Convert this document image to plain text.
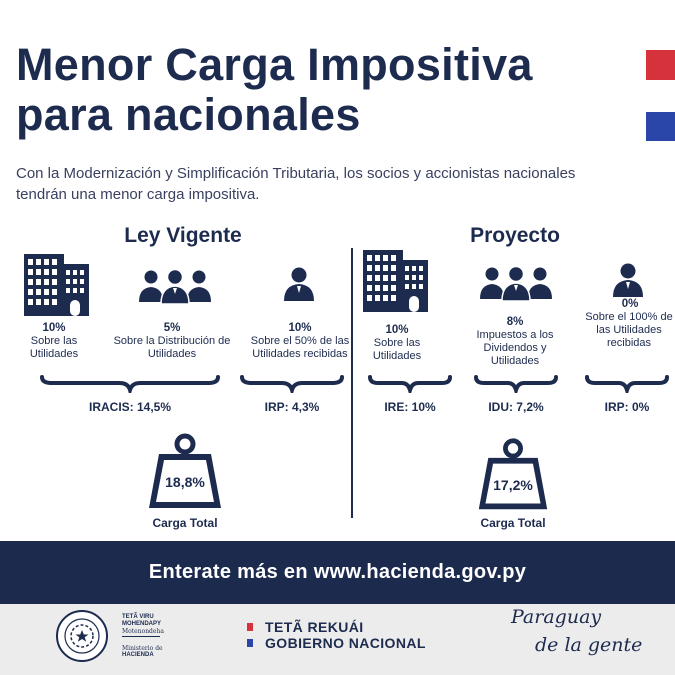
Menor Carga Impositiva
para nacionales

Con la Modernización y Simplificación Tributaria, los socios y accionistas nacionales tendrán una menor carga impositiva.

Ley Vigente	Proyecto
10%
Sobre las Utilidades
5%
Sobre la Distribución de Utilidades
10%
Sobre el 50% de las Utilidades recibidas
IRACIS: 14,5%	IRP: 4,3%
18,8%
Carga Total
10%
Sobre las Utilidades
8%
Impuestos a los Dividendos y Utilidades
0%
Sobre el 100% de las Utilidades recibidas
IRE: 10%	IDU: 7,2%	IRP: 0%
17,2%
Carga Total
Enterate más en www.hacienda.gov.py
TETÃ VIRU
MOHENDAPY
Motenondeha
Ministerio de
HACIENDA
TETÃ REKUÁI
GOBIERNO NACIONAL
Paraguay
de la gente
